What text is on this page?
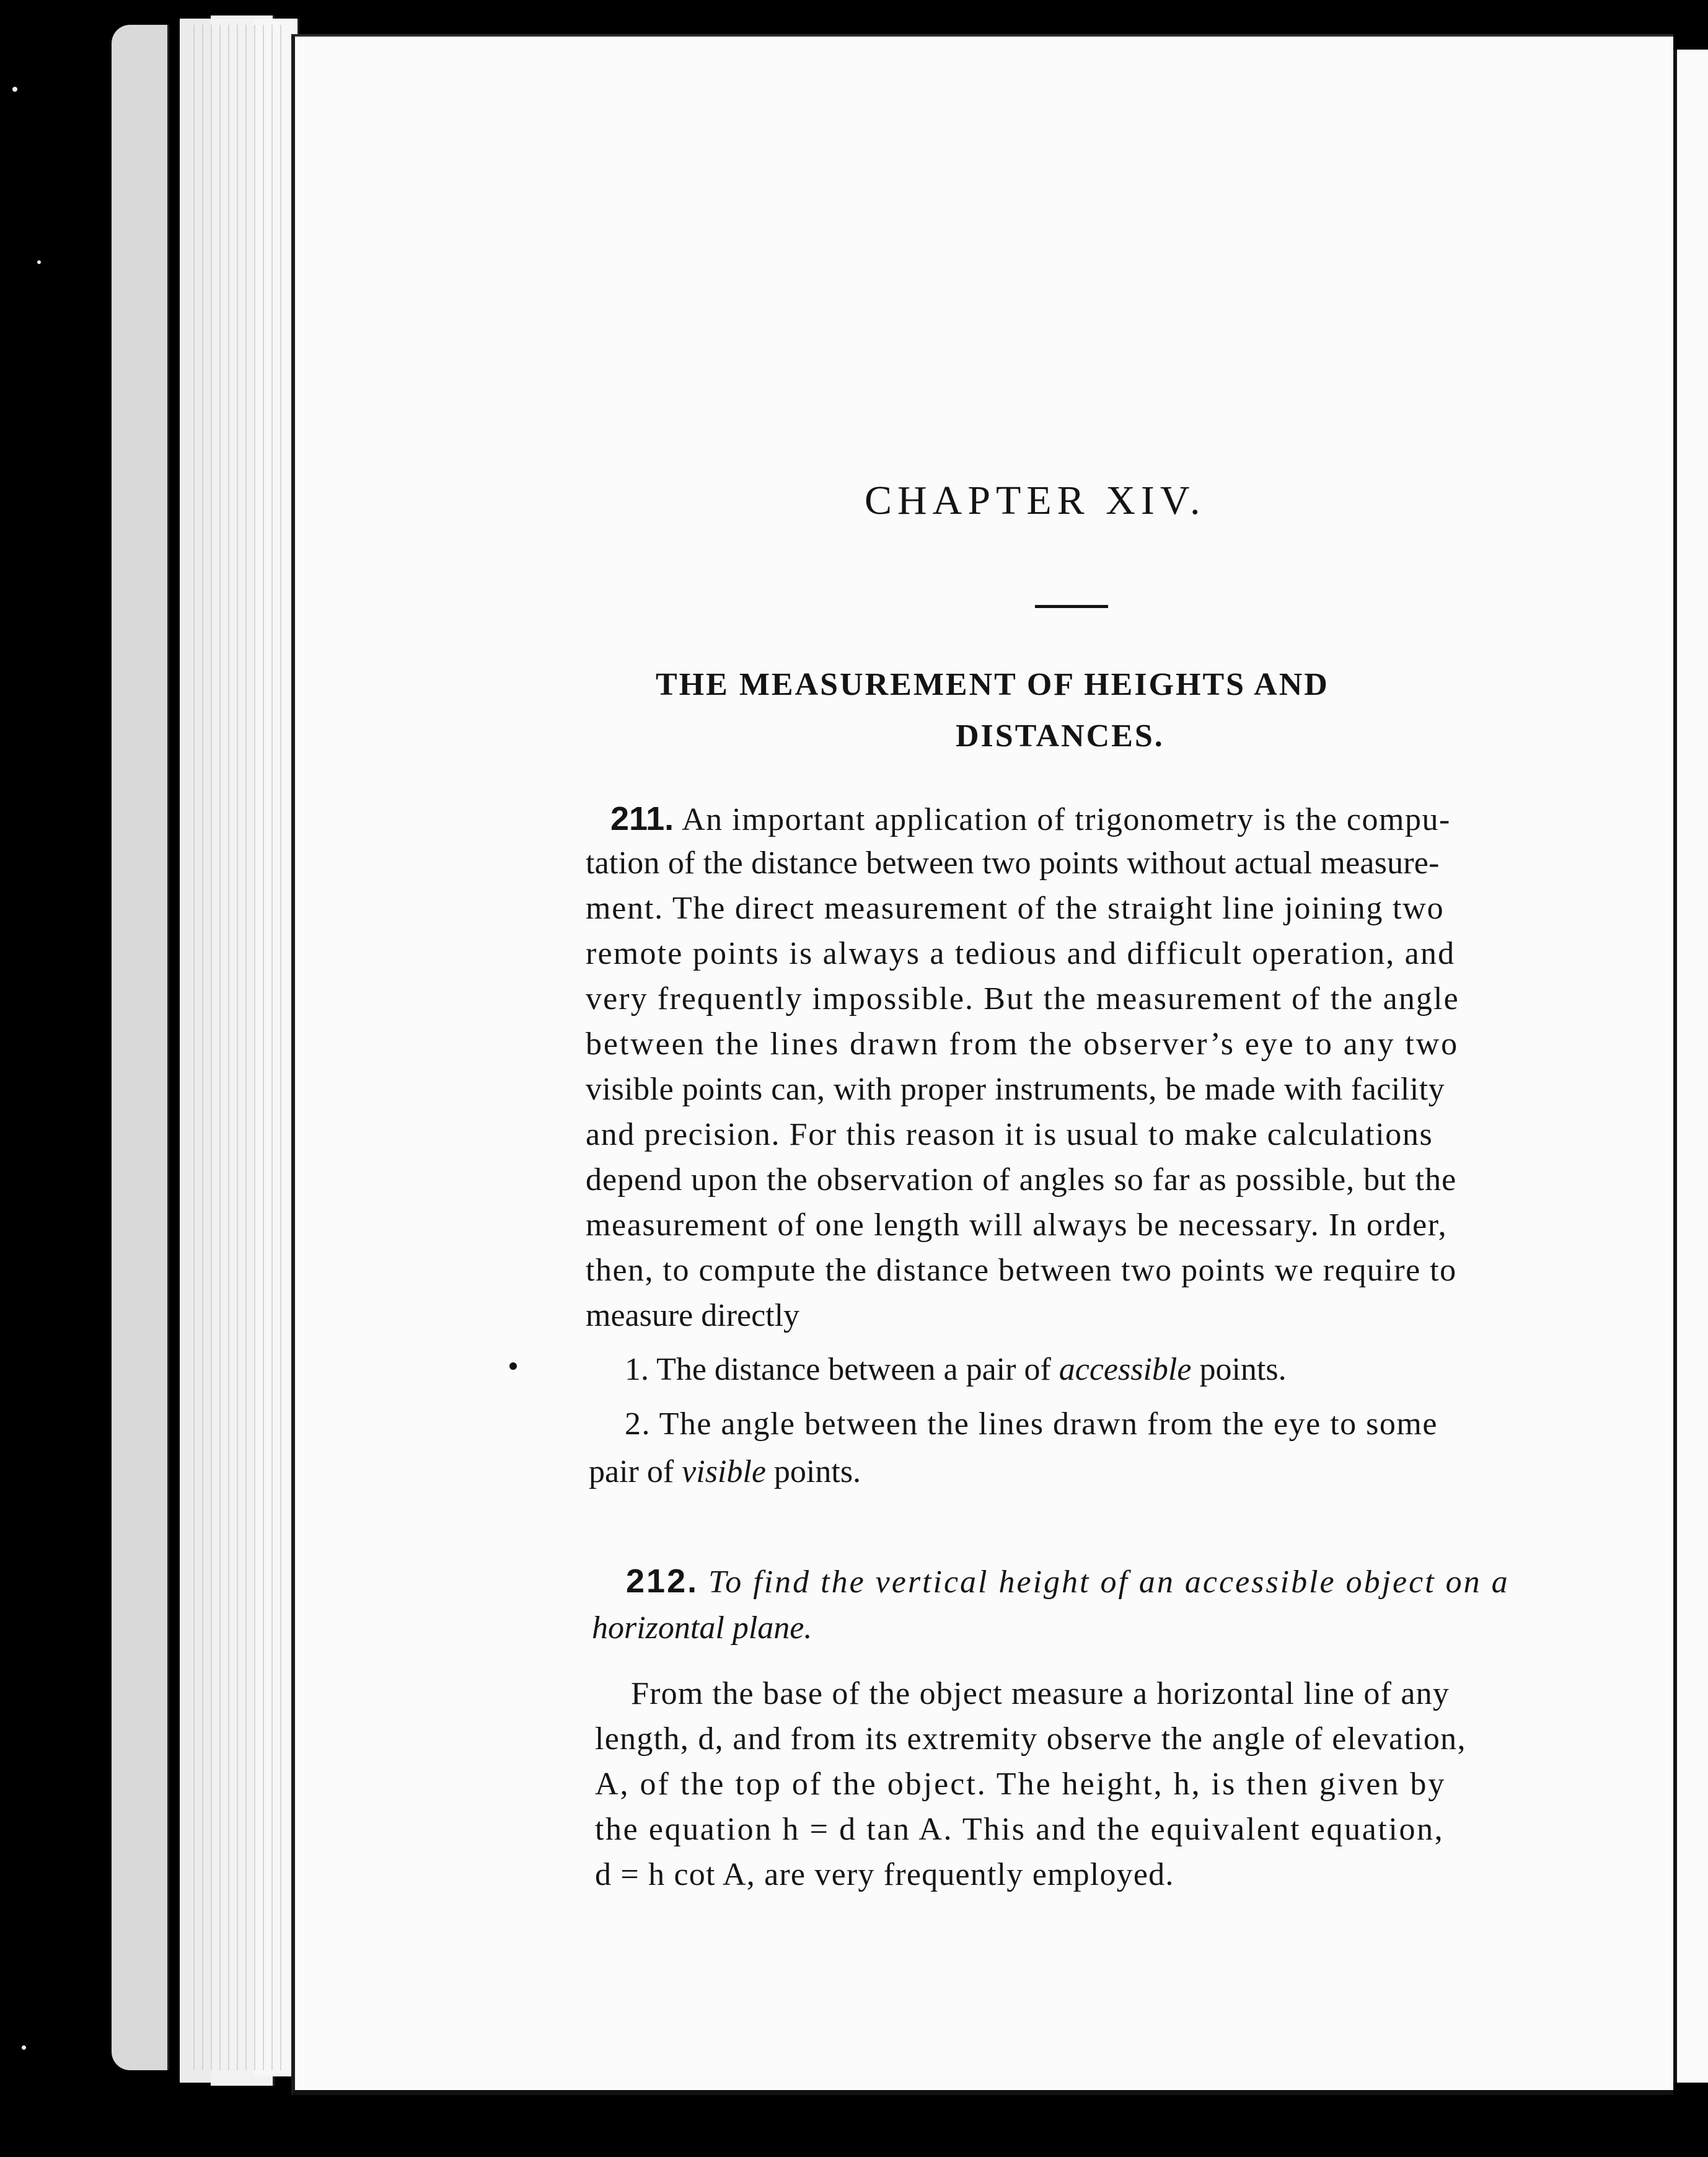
CHAPTER XIV.
THE MEASUREMENT OF HEIGHTS AND
DISTANCES.
211. An important application of trigonometry is the compu-
tation of the distance between two points without actual measure-
ment. The direct measurement of the straight line joining two
remote points is always a tedious and difficult operation, and
very frequently impossible. But the measurement of the angle
between the lines drawn from the observer’s eye to any two
visible points can, with proper instruments, be made with facility
and precision. For this reason it is usual to make calculations
depend upon the observation of angles so far as possible, but the
measurement of one length will always be necessary. In order,
then, to compute the distance between two points we require to
measure directly
1. The distance between a pair of accessible points.
2. The angle between the lines drawn from the eye to some
pair of visible points.
212. To find the vertical height of an accessible object on a
horizontal plane.
From the base of the object measure a horizontal line of any
length, d, and from its extremity observe the angle of elevation,
A, of the top of the object. The height, h, is then given by
the equation h = d tan A. This and the equivalent equation,
d = h cot A, are very frequently employed.
